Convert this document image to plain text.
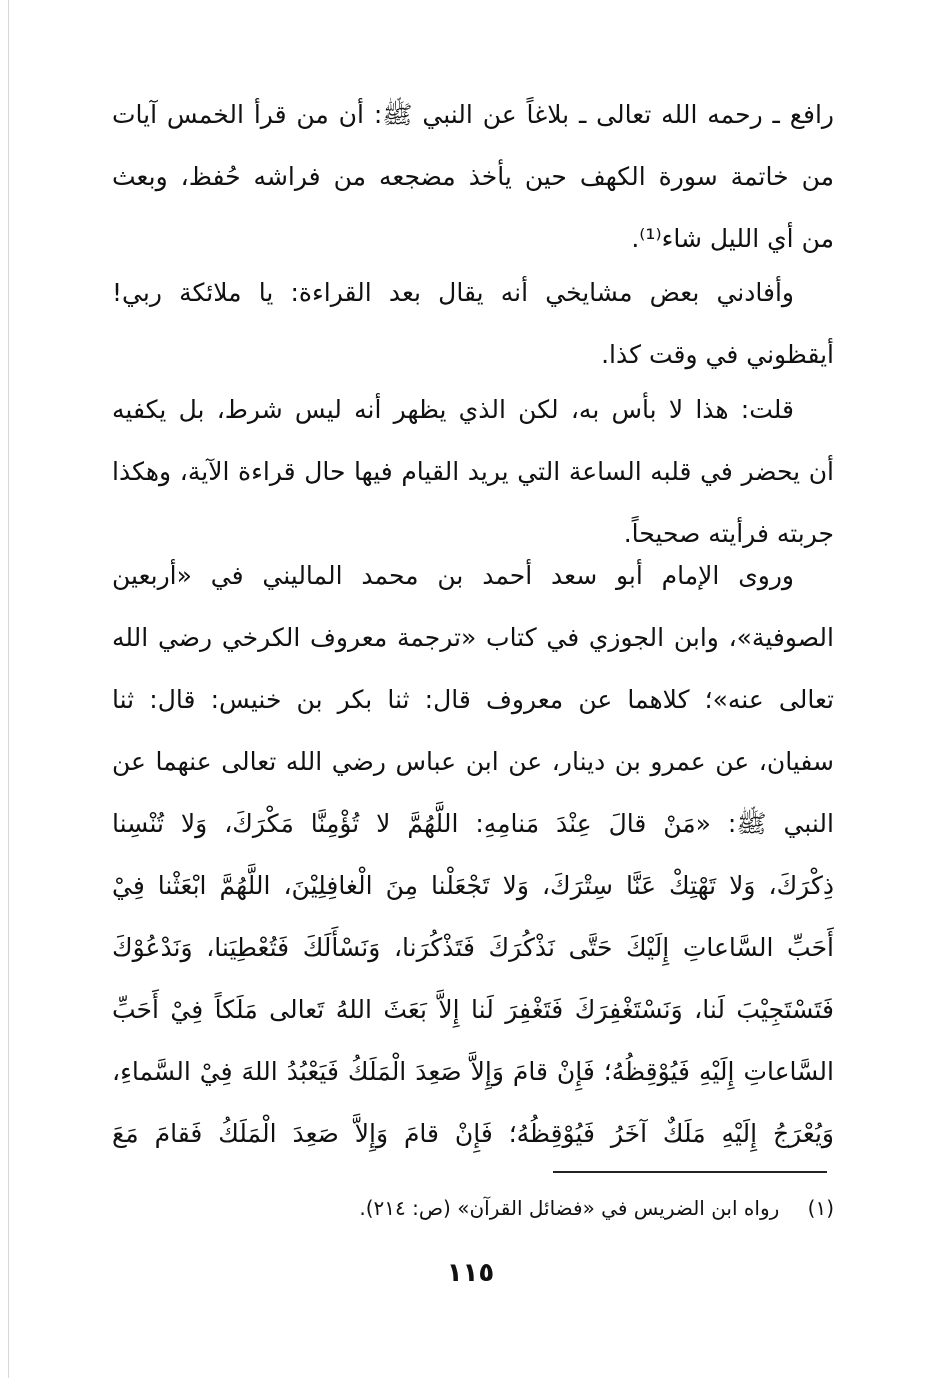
رافع ـ رحمه الله تعالى ـ بلاغاً عن النبي ﷺ: أن من قرأ الخمس آيات
من خاتمة سورة الكهف حين يأخذ مضجعه من فراشه حُفظ، وبعث
من أي الليل شاء⁽¹⁾.
وأفادني بعض مشايخي أنه يقال بعد القراءة: يا ملائكة ربي!
أيقظوني في وقت كذا.
قلت: هذا لا بأس به، لكن الذي يظهر أنه ليس شرط، بل يكفيه
أن يحضر في قلبه الساعة التي يريد القيام فيها حال قراءة الآية، وهكذا
جربته فرأيته صحيحاً.
وروى الإمام أبو سعد أحمد بن محمد الماليني في «أربعين
الصوفية»، وابن الجوزي في كتاب «ترجمة معروف الكرخي رضي الله
تعالى عنه»؛ كلاهما عن معروف قال: ثنا بكر بن خنيس: قال: ثنا
سفيان، عن عمرو بن دينار، عن ابن عباس رضي الله تعالى عنهما عن
النبي ﷺ: «مَنْ قالَ عِنْدَ مَنامِهِ: اللَّهُمَّ لا تُؤْمِنَّا مَكْرَكَ، وَلا تُنْسِنا
ذِكْرَكَ، وَلا تَهْتِكْ عَنَّا سِتْرَكَ، وَلا تَجْعَلْنا مِنَ الْغافِلِيْنَ، اللَّهُمَّ ابْعَثْنا فِيْ
أَحَبِّ السَّاعاتِ إِلَيْكَ حَتَّى نَذْكُرَكَ فَتَذْكُرَنا، وَنَسْأَلَكَ فَتُعْطِيَنا، وَنَدْعُوْكَ
فَتَسْتَجِيْبَ لَنا، وَنَسْتَغْفِرَكَ فَتَغْفِرَ لَنا إِلاَّ بَعَثَ اللهُ تَعالى مَلَكاً فِيْ أَحَبِّ
السَّاعاتِ إِلَيْهِ فَيُوْقِظُهُ؛ فَإِنْ قامَ وَإِلاَّ صَعِدَ الْمَلَكُ فَيَعْبُدُ اللهَ فِيْ السَّماءِ،
وَيُعْرَجُ إِلَيْهِ مَلَكٌ آخَرُ فَيُوْقِظُهُ؛ فَإِنْ قامَ وَإِلاَّ صَعِدَ الْمَلَكُ فَقامَ مَعَ
(١) رواه ابن الضريس في «فضائل القرآن» (ص: ٢١٤).
١١٥
